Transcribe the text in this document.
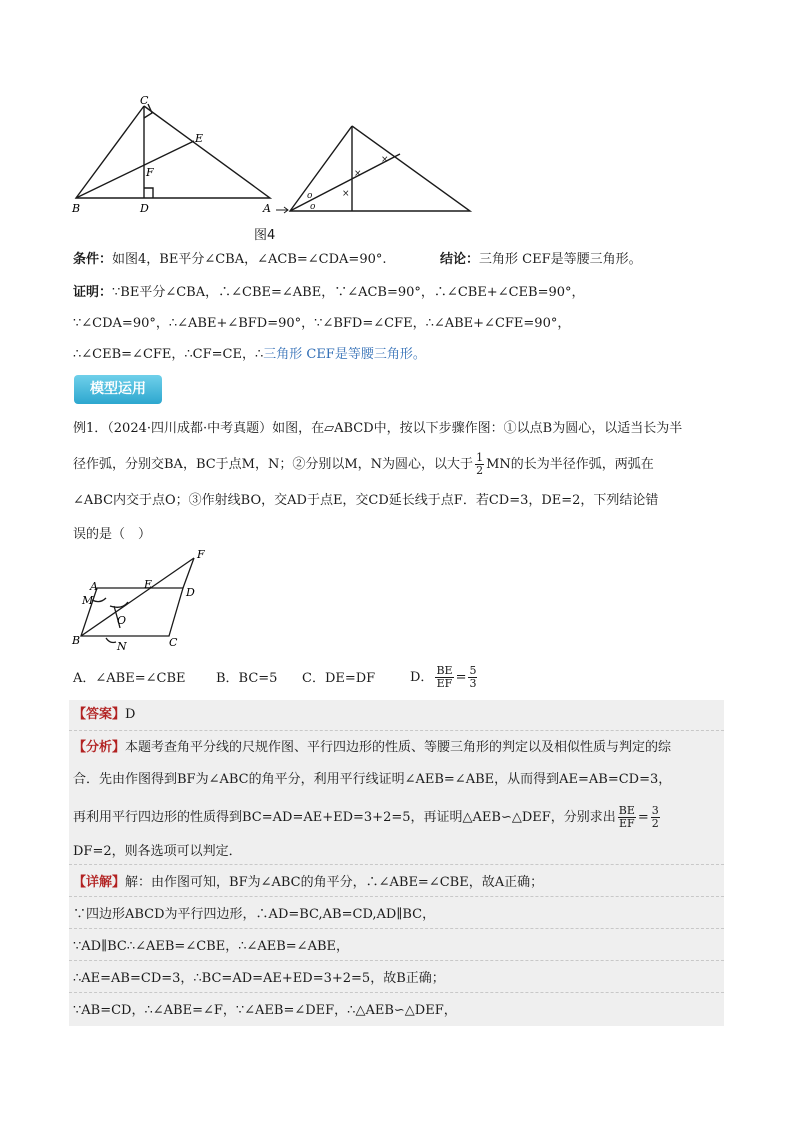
C
E
F
B	D	A
o
o
×
×
×
图4
条件：如图4，BE平分∠CBA，∠ACB=∠CDA=90°.	结论：三角形 CEF是等腰三角形。
证明：∵BE平分∠CBA，∴∠CBE=∠ABE，∵∠ACB=90°，∴∠CBE+∠CEB=90°，
∵∠CDA=90°，∴∠ABE+∠BFD=90°，∵∠BFD=∠CFE，∴∠ABE+∠CFE=90°，
∴∠CEB=∠CFE，∴CF=CE，∴三角形 CEF是等腰三角形。
模型运用
例1．（2024·四川成都·中考真题）如图，在▱ABCD中，按以下步骤作图：①以点B为圆心，以适当长为半
径作弧，分别交BA，BC于点M，N；②分别以M，N为圆心，以大于 $\frac{1}{2}$ MN的长为半径作弧，两弧在
∠ABC内交于点O；③作射线BO，交AD于点E，交CD延长线于点F．若CD=3，DE=2，下列结论错
误的是（　）
F
A	E
D
M
O
B	N	C
A．∠ABE=∠CBE B．BC=5 C．DE=DF	D． $\frac{BE}{EF} = \frac{5}{3}$
【答案】D
【分析】本题考查角平分线的尺规作图、平行四边形的性质、等腰三角形的判定以及相似性质与判定的综
合．先由作图得到BF为∠ABC的角平分，利用平行线证明∠AEB=∠ABE，从而得到AE=AB=CD=3，
再利用平行四边形的性质得到BC=AD=AE+ED=3+2=5，再证明△AEB∽△DEF，分别求出 $\frac{BE}{EF} = \frac{3}{2}$
DF=2，则各选项可以判定．
【详解】解：由作图可知，BF为∠ABC的角平分，∴∠ABE=∠CBE，故A正确；
∵四边形ABCD为平行四边形，∴AD=BC,AB=CD,AD∥BC，
∵AD∥BC∴∠AEB=∠CBE，∴∠AEB=∠ABE，
∴AE=AB=CD=3，∴BC=AD=AE+ED=3+2=5，故B正确；
∵AB=CD，∴∠ABE=∠F，∵∠AEB=∠DEF，∴△AEB∽△DEF，
